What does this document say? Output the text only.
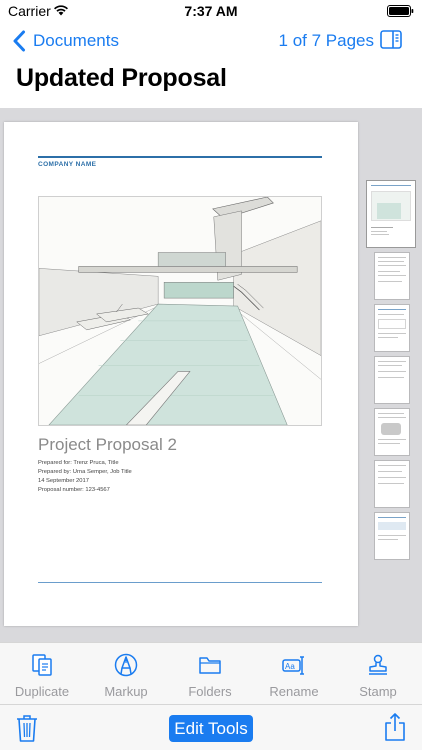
Carrier	7:37 AM
Documents	1 of 7 Pages
Updated Proposal
COMPANY NAME
Project Proposal 2
Prepared for: Trenz Pruca, Title
Prepared by: Urna Semper, Job Title
14 September 2017
Proposal number: 123-4567
Duplicate	Markup	Folders
Aa
Rename	Stamp
Edit Tools
